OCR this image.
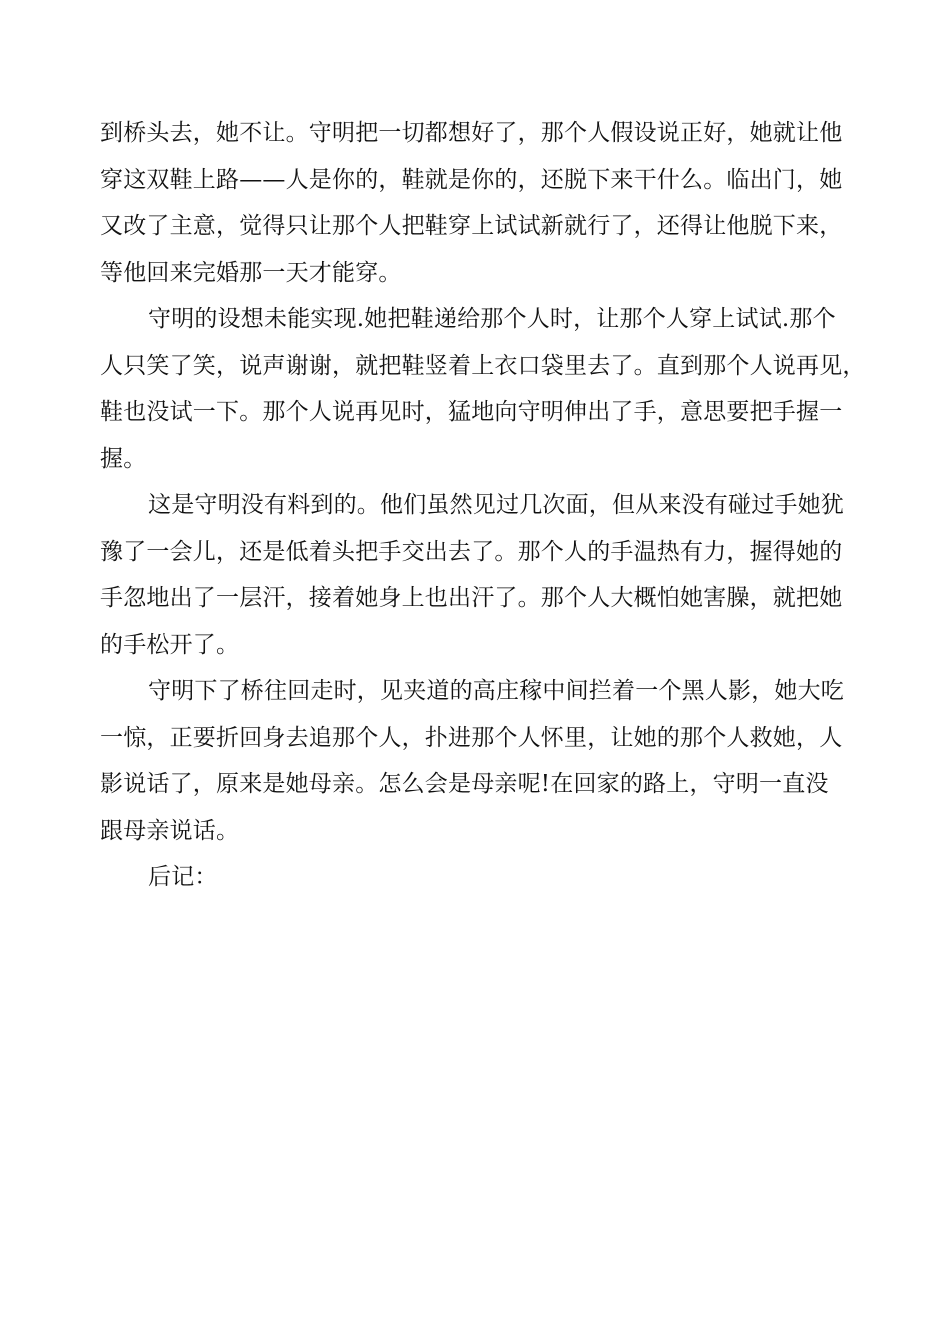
到桥头去，她不让。守明把一切都想好了，那个人假设说正好，她就让他
穿这双鞋上路——人是你的，鞋就是你的，还脱下来干什么。临出门，她
又改了主意，觉得只让那个人把鞋穿上试试新就行了，还得让他脱下来，
等他回来完婚那一天才能穿。
守明的设想未能实现.她把鞋递给那个人时，让那个人穿上试试.那个
人只笑了笑，说声谢谢，就把鞋竖着上衣口袋里去了。直到那个人说再见，
鞋也没试一下。那个人说再见时，猛地向守明伸出了手，意思要把手握一
握。
这是守明没有料到的。他们虽然见过几次面，但从来没有碰过手她犹
豫了一会儿，还是低着头把手交出去了。那个人的手温热有力，握得她的
手忽地出了一层汗，接着她身上也出汗了。那个人大概怕她害臊，就把她
的手松开了。
守明下了桥往回走时，见夹道的高庄稼中间拦着一个黑人影，她大吃
一惊，正要折回身去追那个人，扑进那个人怀里，让她的那个人救她，人
影说话了，原来是她母亲。怎么会是母亲呢!在回家的路上，守明一直没
跟母亲说话。
后记：
